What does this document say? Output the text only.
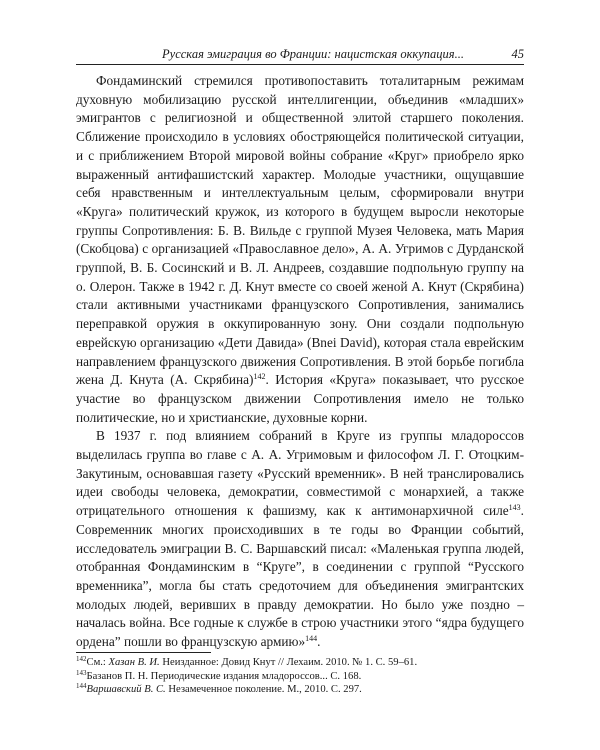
Русская эмиграция во Франции: нацистская оккупация...	45

Фондаминский стремился противопоставить тоталитарным режимам духовную мобилизацию русской интеллигенции, объединив «младших» эмигрантов с религиозной и общественной элитой старшего поколения. Сближение происходило в условиях обостряющейся политической ситуации, и с приближением Второй мировой войны собрание «Круг» приобрело ярко выраженный антифашистский характер. Молодые участники, ощущавшие себя нравственным и интеллектуальным целым, сформировали внутри «Круга» политический кружок, из которого в будущем выросли некоторые группы Сопротивления: Б. В. Вильде с группой Музея Человека, мать Мария (Скобцова) с организацией «Православное дело», А. А. Угримов с Дурданской группой, В. Б. Сосинский и В. Л. Андреев, создавшие подпольную группу на о. Олерон. Также в 1942 г. Д. Кнут вместе со своей женой А. Кнут (Скрябина) стали активными участниками французского Сопротивления, занимались переправкой оружия в оккупированную зону. Они создали подпольную еврейскую организацию «Дети Давида» (Bnei David), которая стала еврейским направлением французского движения Сопротивления. В этой борьбе погибла жена Д. Кнута (А. Скрябина)$^{142}$. История «Круга» показывает, что русское участие во французском движении Сопротивления имело не только политические, но и христианские, духовные корни.

В 1937 г. под влиянием собраний в Круге из группы младороссов выделилась группа во главе с А. А. Угримовым и философом Л. Г. Отоцким-Закутиным, основавшая газету «Русский временник». В ней транслировались идеи свободы человека, демократии, совместимой с монархией, а также отрицательного отношения к фашизму, как к антимонархичной силе$^{143}$. Современник многих происходивших в те годы во Франции событий, исследователь эмиграции В. С. Варшавский писал: «Маленькая группа людей, отобранная Фондаминским в “Круге”, в соединении с группой “Русского временника”, могла бы стать средоточием для объединения эмигрантских молодых людей, веривших в правду демократии. Но было уже поздно – началась война. Все годные к службе в строю участники этого “ядра будущего ордена” пошли во французскую армию»$^{144}$.

$^{142}$См.: Хазан В. И. Неизданное: Довид Кнут // Лехаим. 2010. № 1. С. 59–61.
$^{143}$Базанов П. Н. Периодические издания младороссов... С. 168.
$^{144}$Варшавский В. С. Незамеченное поколение. М., 2010. С. 297.
